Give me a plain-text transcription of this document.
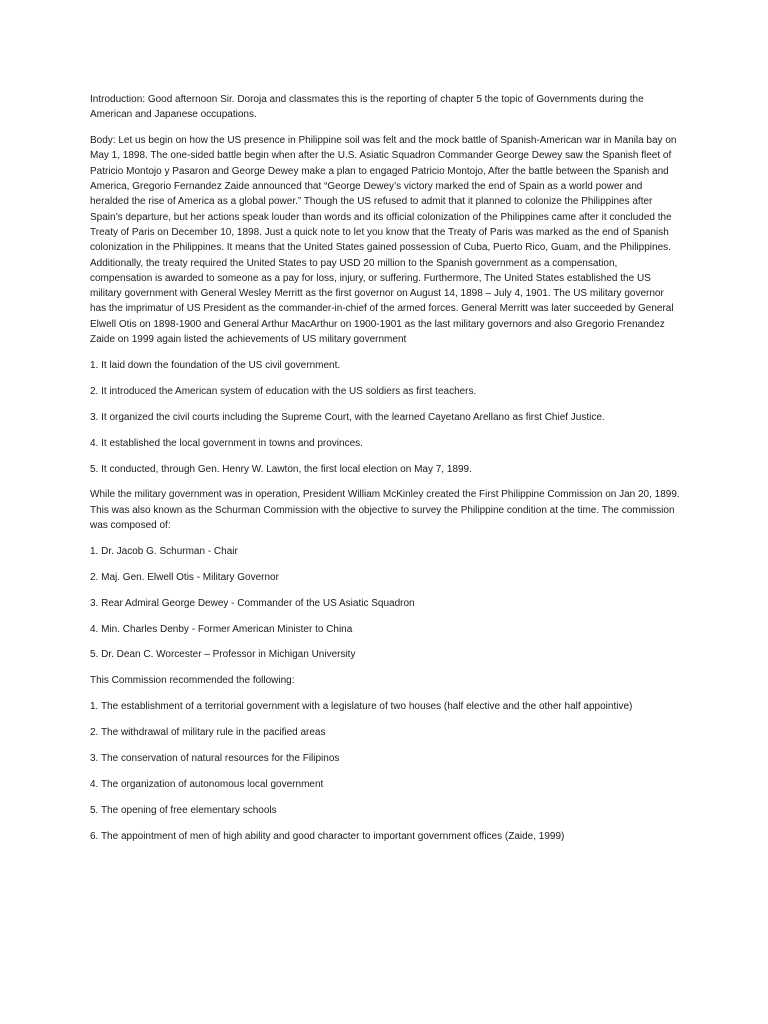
Introduction: Good afternoon Sir. Doroja and classmates this is the reporting of chapter 5 the topic of Governments during the American and Japanese occupations.

Body: Let us begin on how the US presence in Philippine soil was felt and the mock battle of Spanish-American war in Manila bay on May 1, 1898. The one-sided battle begin when after the U.S. Asiatic Squadron Commander George Dewey saw the Spanish fleet of Patricio Montojo y Pasaron and George Dewey make a plan to engaged Patricio Montojo, After the battle between the Spanish and America, Gregorio Fernandez Zaide announced that “George Dewey’s victory marked the end of Spain as a world power and heralded the rise of America as a global power.” Though the US refused to admit that it planned to colonize the Philippines after Spain’s departure, but her actions speak louder than words and its official colonization of the Philippines came after it concluded the Treaty of Paris on December 10, 1898. Just a quick note to let you know that the Treaty of Paris was marked as the end of Spanish colonization in the Philippines. It means that the United States gained possession of Cuba, Puerto Rico, Guam, and the Philippines. Additionally, the treaty required the United States to pay USD 20 million to the Spanish government as a compensation, compensation is awarded to someone as a pay for loss, injury, or suffering. Furthermore, The United States established the US military government with General Wesley Merritt as the first governor on August 14, 1898 – July 4, 1901. The US military governor has the imprimatur of US President as the commander-in-chief of the armed forces. General Merritt was later succeeded by General Elwell Otis on 1898-1900 and General Arthur MacArthur on 1900-1901 as the last military governors and also Gregorio Frenandez Zaide on 1999 again listed the achievements of US military government

1. It laid down the foundation of the US civil government.

2. It introduced the American system of education with the US soldiers as first teachers.

3. It organized the civil courts including the Supreme Court, with the learned Cayetano Arellano as first Chief Justice.

4. It established the local government in towns and provinces.

5. It conducted, through Gen. Henry W. Lawton, the first local election on May 7, 1899.

While the military government was in operation, President William McKinley created the First Philippine Commission on Jan 20, 1899. This was also known as the Schurman Commission with the objective to survey the Philippine condition at the time. The commission was composed of:

1. Dr. Jacob G. Schurman - Chair

2. Maj. Gen. Elwell Otis - Military Governor

3. Rear Admiral George Dewey - Commander of the US Asiatic Squadron

4. Min. Charles Denby - Former American Minister to China

5. Dr. Dean C. Worcester – Professor in Michigan University

This Commission recommended the following:

1. The establishment of a territorial government with a legislature of two houses (half elective and the other half appointive)

2. The withdrawal of military rule in the pacified areas

3. The conservation of natural resources for the Filipinos

4. The organization of autonomous local government

5. The opening of free elementary schools

6. The appointment of men of high ability and good character to important government offices (Zaide, 1999)
